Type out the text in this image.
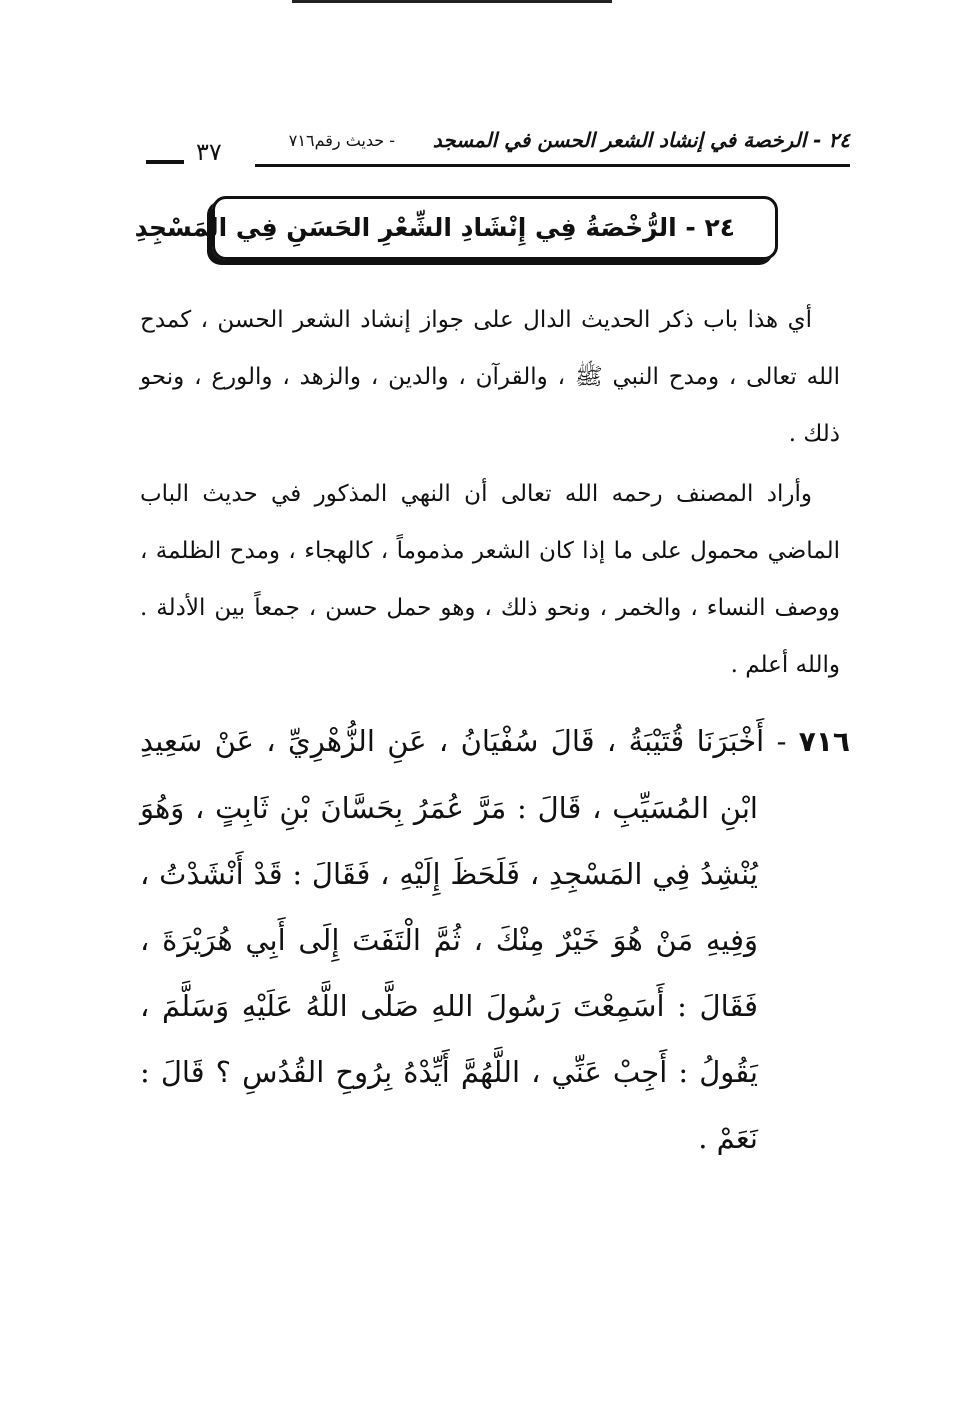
٢٤ - الرخصة في إنشاد الشعر الحسن في المسجد
- حديث رقم٧١٦
٣٧
٢٤ - الرُّخْصَةُ فِي إِنْشَادِ الشِّعْرِ الحَسَنِ فِي المَسْجِدِ

أي هذا باب ذكر الحديث الدال على جواز إنشاد الشعر الحسن ، كمدح الله تعالى ، ومدح النبي ﷺ ، والقرآن ، والدين ، والزهد ، والورع ، ونحو ذلك .

وأراد المصنف رحمه الله تعالى أن النهي المذكور في حديث الباب الماضي محمول على ما إذا كان الشعر مذموماً ، كالهجاء ، ومدح الظلمة ، ووصف النساء ، والخمر ، ونحو ذلك ، وهو حمل حسن ، جمعاً بين الأدلة . والله أعلم .

٧١٦ - أَخْبَرَنَا قُتَيْبَةُ ، قَالَ سُفْيَانُ ، عَنِ الزُّهْرِيِّ ، عَنْ سَعِيدِ
ابْنِ المُسَيِّبِ ، قَالَ : مَرَّ عُمَرُ بِحَسَّانَ بْنِ ثَابِتٍ ، وَهُوَ يُنْشِدُ فِي المَسْجِدِ ، فَلَحَظَ إِلَيْهِ ، فَقَالَ : قَدْ أَنْشَدْتُ ، وَفِيهِ مَنْ هُوَ خَيْرٌ مِنْكَ ، ثُمَّ الْتَفَتَ إِلَى أَبِي هُرَيْرَةَ ، فَقَالَ : أَسَمِعْتَ رَسُولَ اللهِ صَلَّى اللَّهُ عَلَيْهِ وَسَلَّمَ ، يَقُولُ : أَجِبْ عَنِّي ، اللَّهُمَّ أَيِّدْهُ بِرُوحِ القُدُسِ ؟ قَالَ : نَعَمْ .
